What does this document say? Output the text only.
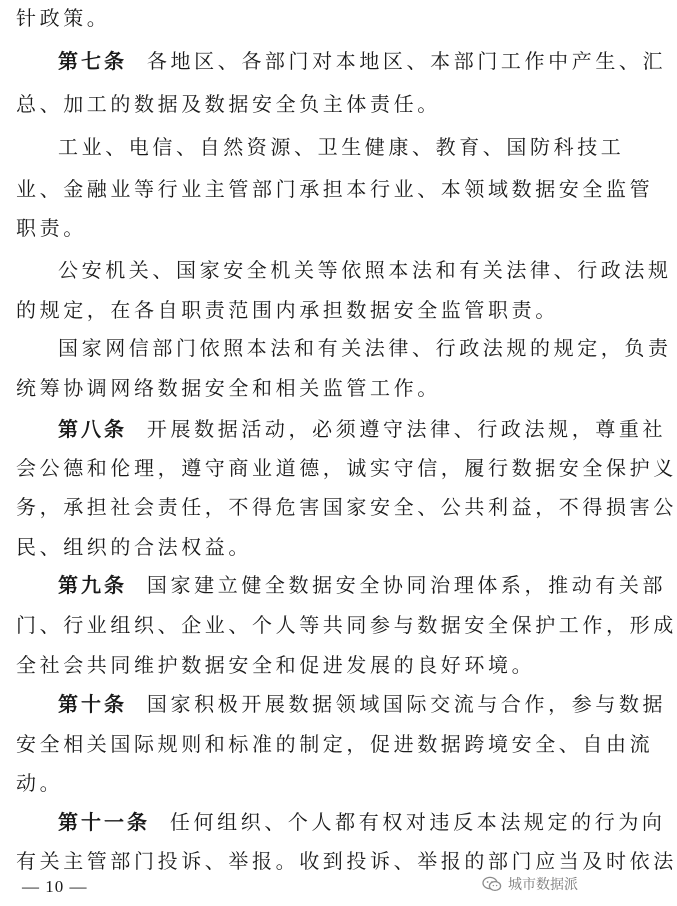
针政策。
第七条 各地区、各部门对本地区、本部门工作中产生、汇
总、加工的数据及数据安全负主体责任。
工业、电信、自然资源、卫生健康、教育、国防科技工
业、金融业等行业主管部门承担本行业、本领域数据安全监管
职责。
公安机关、国家安全机关等依照本法和有关法律、行政法规
的规定，在各自职责范围内承担数据安全监管职责。
国家网信部门依照本法和有关法律、行政法规的规定，负责
统筹协调网络数据安全和相关监管工作。
第八条 开展数据活动，必须遵守法律、行政法规，尊重社
会公德和伦理，遵守商业道德，诚实守信，履行数据安全保护义
务，承担社会责任，不得危害国家安全、公共利益，不得损害公
民、组织的合法权益。
第九条 国家建立健全数据安全协同治理体系，推动有关部
门、行业组织、企业、个人等共同参与数据安全保护工作，形成
全社会共同维护数据安全和促进发展的良好环境。
第十条 国家积极开展数据领域国际交流与合作，参与数据
安全相关国际规则和标准的制定，促进数据跨境安全、自由流
动。
第十一条 任何组织、个人都有权对违反本法规定的行为向
有关主管部门投诉、举报。收到投诉、举报的部门应当及时依法
— 10 —	城市数据派
